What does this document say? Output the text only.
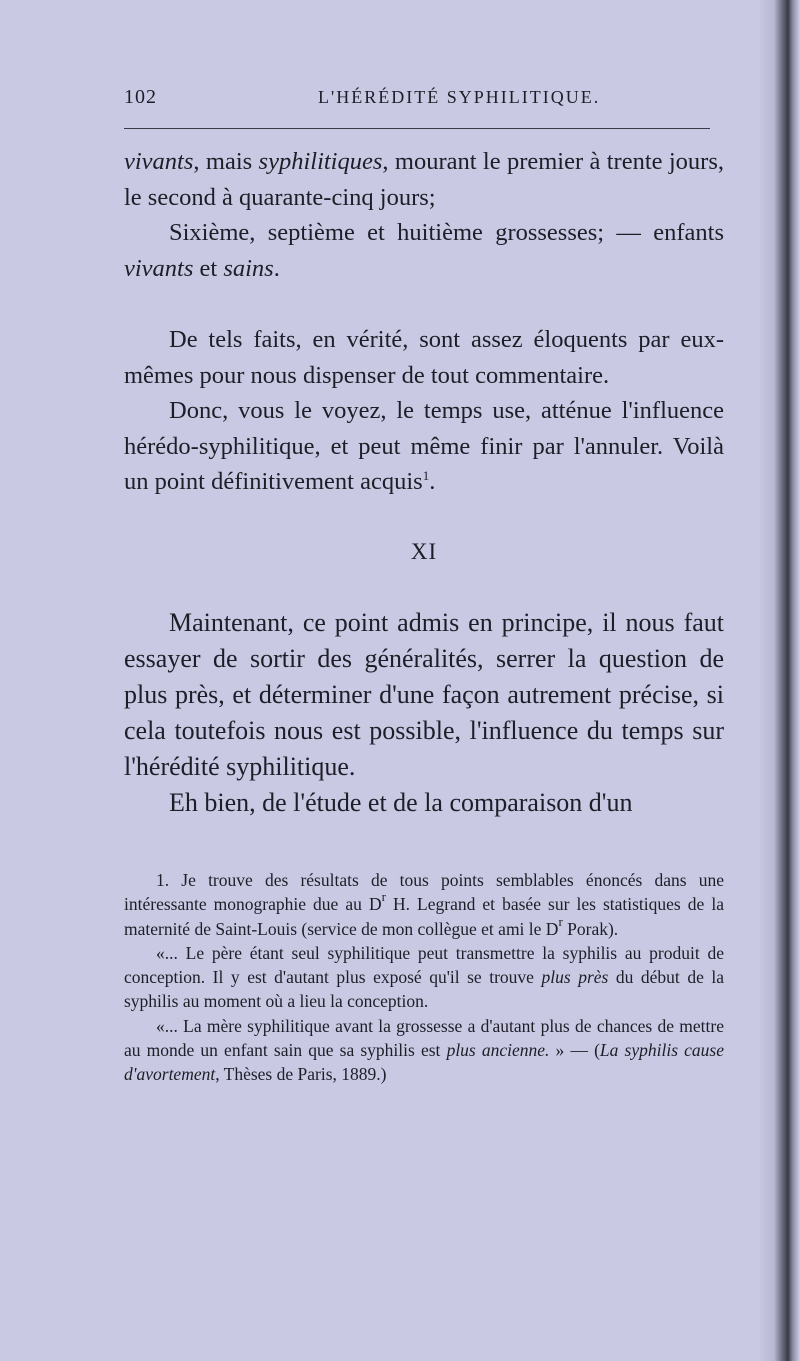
102	L'HÉRÉDITÉ SYPHILITIQUE.

vivants, mais syphilitiques, mourant le premier à trente jours, le second à quarante-cinq jours;

Sixième, septième et huitième grossesses; — enfants vivants et sains.

De tels faits, en vérité, sont assez éloquents par eux-mêmes pour nous dispenser de tout commentaire.

Donc, vous le voyez, le temps use, atténue l'influence hérédo-syphilitique, et peut même finir par l'annuler. Voilà un point définitivement acquis$^1$.

XI

Maintenant, ce point admis en principe, il nous faut essayer de sortir des généralités, serrer la question de plus près, et déterminer d'une façon autrement précise, si cela toutefois nous est possible, l'influence du temps sur l'hérédité syphilitique.

Eh bien, de l'étude et de la comparaison d'un

1. Je trouve des résultats de tous points semblables énoncés dans une intéressante monographie due au $D^r$ H. Legrand et basée sur les statistiques de la maternité de Saint-Louis (service de mon collègue et ami le $D^r$ Porak).

«... Le père étant seul syphilitique peut transmettre la syphilis au produit de conception. Il y est d'autant plus exposé qu'il se trouve plus près du début de la syphilis au moment où a lieu la conception.

«... La mère syphilitique avant la grossesse a d'autant plus de chances de mettre au monde un enfant sain que sa syphilis est plus ancienne. » — (La syphilis cause d'avortement, Thèses de Paris, 1889.)
